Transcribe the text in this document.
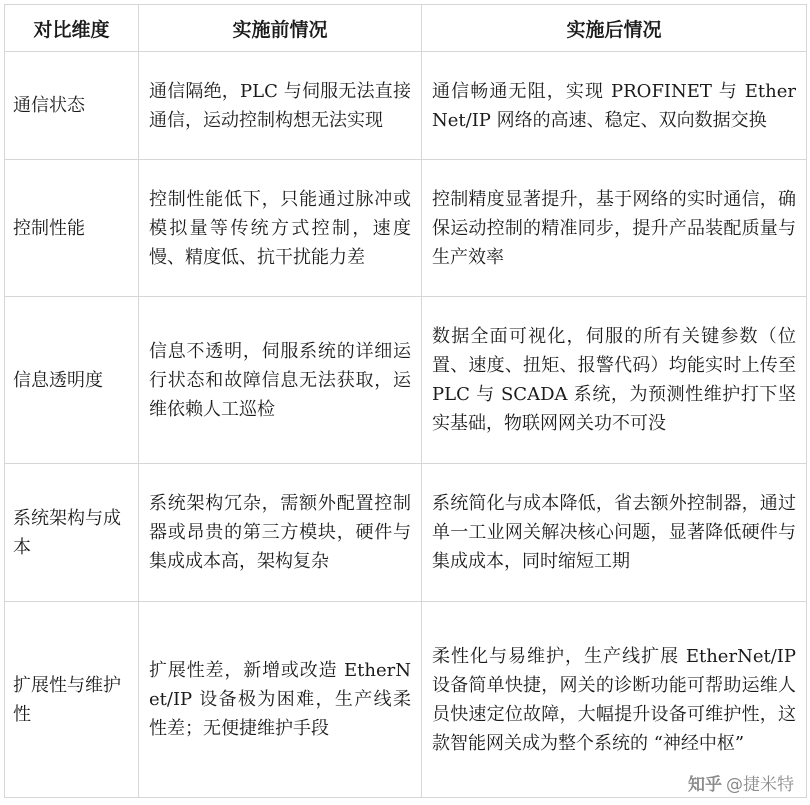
对比维度	实施前情况	实施后情况
通信状态	通信隔绝，PLC 与伺服无法直接通信，运动控制构想无法实现	通信畅通无阻，实现 PROFINET 与 EtherNet/IP 网络的高速、稳定、双向数据交换
控制性能	控制性能低下，只能通过脉冲或模拟量等传统方式控制，速度慢、精度低、抗干扰能力差	控制精度显著提升，基于网络的实时通信，确保运动控制的精准同步，提升产品装配质量与生产效率
信息透明度	信息不透明，伺服系统的详细运行状态和故障信息无法获取，运维依赖人工巡检	数据全面可视化，伺服的所有关键参数（位置、速度、扭矩、报警代码）均能实时上传至 PLC 与 SCADA 系统，为预测性维护打下坚实基础，物联网网关功不可没
系统架构与成本	系统架构冗杂，需额外配置控制器或昂贵的第三方模块，硬件与集成成本高，架构复杂	系统简化与成本降低，省去额外控制器，通过单一工业网关解决核心问题，显著降低硬件与集成成本，同时缩短工期
扩展性与维护性	扩展性差，新增或改造 EtherNet/IP 设备极为困难，生产线柔性差；无便捷维护手段	柔性化与易维护，生产线扩展 EtherNet/IP 设备简单快捷，网关的诊断功能可帮助运维人员快速定位故障，大幅提升设备可维护性，这款智能网关成为整个系统的 “神经中枢”
知乎 @捷米特
